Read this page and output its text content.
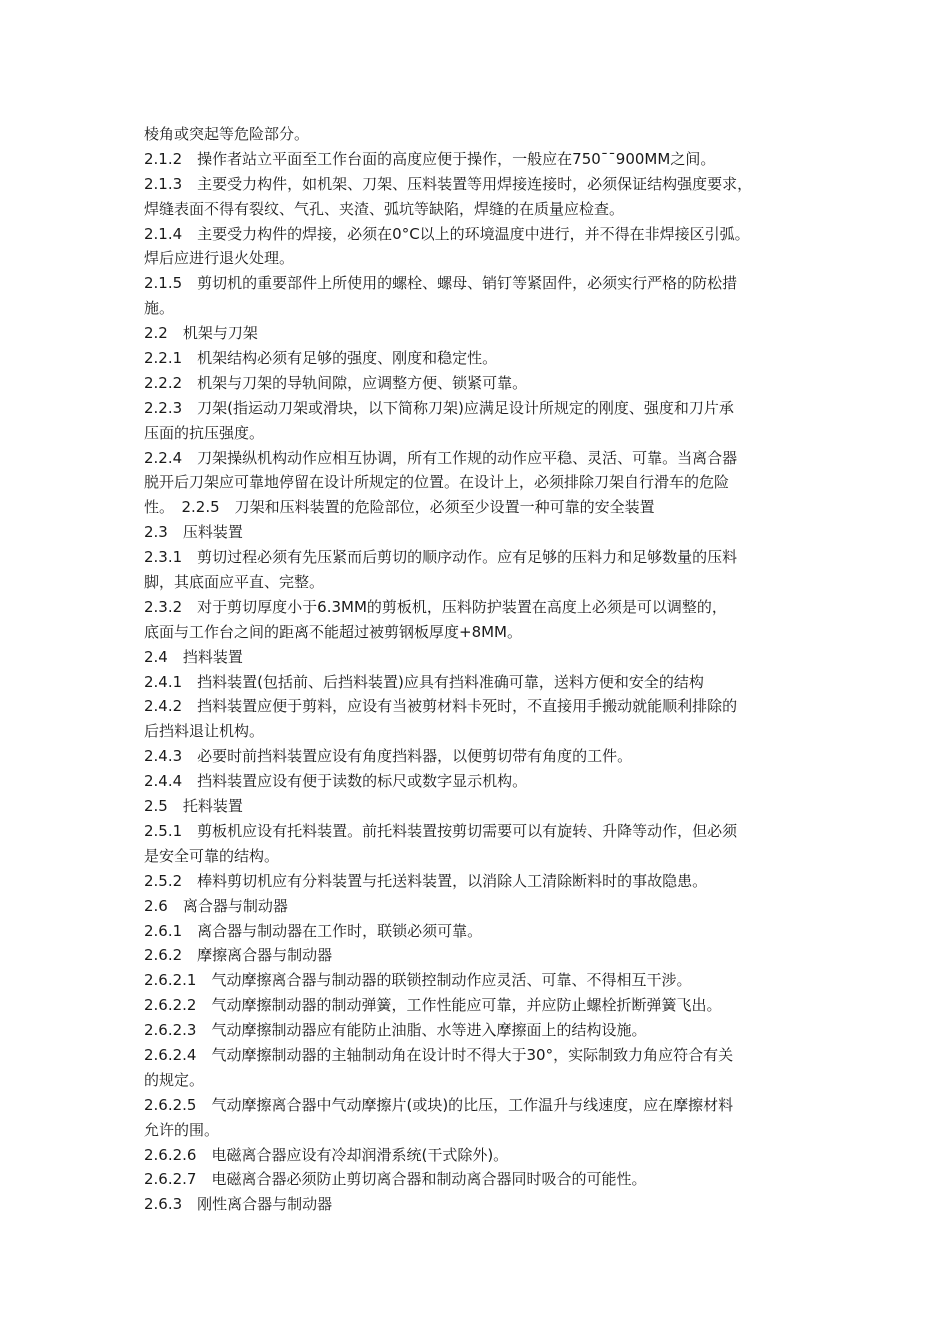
棱角或突起等危险部分。
2.1.2　操作者站立平面至工作台面的高度应便于操作，一般应在750¯¯900MM之间。
2.1.3　主要受力构件，如机架、刀架、压料装置等用焊接连接时，必须保证结构强度要求，
焊缝表面不得有裂纹、气孔、夹渣、弧坑等缺陷，焊缝的在质量应检查。
2.1.4　主要受力构件的焊接，必须在0°C以上的环境温度中进行，并不得在非焊接区引弧。
焊后应进行退火处理。
2.1.5　剪切机的重要部件上所使用的螺栓、螺母、销钉等紧固件，必须实行严格的防松措
施。
2.2　机架与刀架
2.2.1　机架结构必须有足够的强度、刚度和稳定性。
2.2.2　机架与刀架的导轨间隙，应调整方便、锁紧可靠。
2.2.3　刀架(指运动刀架或滑块，以下简称刀架)应满足设计所规定的刚度、强度和刀片承
压面的抗压强度。
2.2.4　刀架操纵机构动作应相互协调，所有工作规的动作应平稳、灵活、可靠。当离合器
脱开后刀架应可靠地停留在设计所规定的位置。在设计上，必须排除刀架自行滑车的危险
性。　2.2.5　刀架和压料装置的危险部位，必须至少设置一种可靠的安全装置
2.3　压料装置
2.3.1　剪切过程必须有先压紧而后剪切的顺序动作。应有足够的压料力和足够数量的压料
脚，其底面应平直、完整。
2.3.2　对于剪切厚度小于6.3MM的剪板机，压料防护装置在高度上必须是可以调整的，
底面与工作台之间的距离不能超过被剪钢板厚度+8MM。
2.4　挡料装置
2.4.1　挡料装置(包括前、后挡料装置)应具有挡料准确可靠，送料方便和安全的结构
2.4.2　挡料装置应便于剪料，应设有当被剪材料卡死时，不直接用手搬动就能顺利排除的
后挡料退让机构。
2.4.3　必要时前挡料装置应设有角度挡料器，以便剪切带有角度的工件。
2.4.4　挡料装置应设有便于读数的标尺或数字显示机构。
2.5　托料装置
2.5.1　剪板机应设有托料装置。前托料装置按剪切需要可以有旋转、升降等动作，但必须
是安全可靠的结构。
2.5.2　棒料剪切机应有分料装置与托送料装置，以消除人工清除断料时的事故隐患。
2.6　离合器与制动器
2.6.1　离合器与制动器在工作时，联锁必须可靠。
2.6.2　摩擦离合器与制动器
2.6.2.1　气动摩擦离合器与制动器的联锁控制动作应灵活、可靠、不得相互干涉。
2.6.2.2　气动摩擦制动器的制动弹簧，工作性能应可靠，并应防止螺栓折断弹簧飞出。
2.6.2.3　气动摩擦制动器应有能防止油脂、水等进入摩擦面上的结构设施。
2.6.2.4　气动摩擦制动器的主轴制动角在设计时不得大于30°，实际制致力角应符合有关
的规定。
2.6.2.5　气动摩擦离合器中气动摩擦片(或块)的比压，工作温升与线速度，应在摩擦材料
允许的围。
2.6.2.6　电磁离合器应设有冷却润滑系统(干式除外)。
2.6.2.7　电磁离合器必须防止剪切离合器和制动离合器同时吸合的可能性。
2.6.3　刚性离合器与制动器
